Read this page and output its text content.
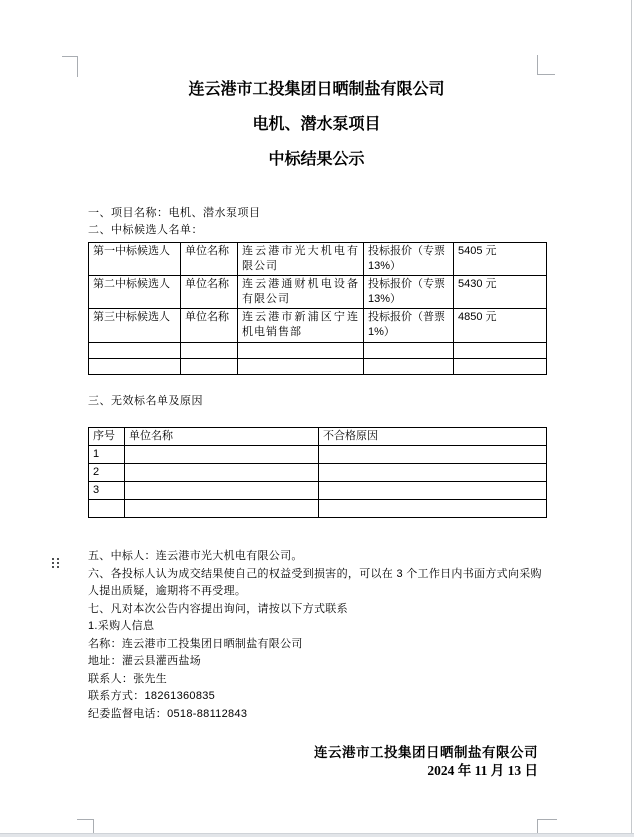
连云港市工投集团日晒制盐有限公司
电机、潜水泵项目
中标结果公示
一、项目名称：电机、潜水泵项目
二、中标候选人名单：
第一中标候选人	单位名称	连云港市光大机电有限公司	投标报价（专票 13%）	5405 元
第二中标候选人	单位名称	连云港通财机电设备有限公司	投标报价（专票 13%）	5430 元
第三中标候选人	单位名称	连云港市新浦区宁连机电销售部	投标报价（普票 1%）	4850 元

三、无效标名单及原因
序号	单位名称	不合格原因
1		
2		
3		

五、中标人：连云港市光大机电有限公司。

六、各投标人认为成交结果使自己的权益受到损害的，可以在 3 个工作日内书面方式向采购

人提出质疑，逾期将不再受理。

七、凡对本次公告内容提出询问，请按以下方式联系

1.采购人信息

名称：连云港市工投集团日晒制盐有限公司

地址：灌云县灌西盐场

联系人：张先生

联系方式：18261360835

纪委监督电话：0518-88112843

连云港市工投集团日晒制盐有限公司
2024 年 11 月 13 日
